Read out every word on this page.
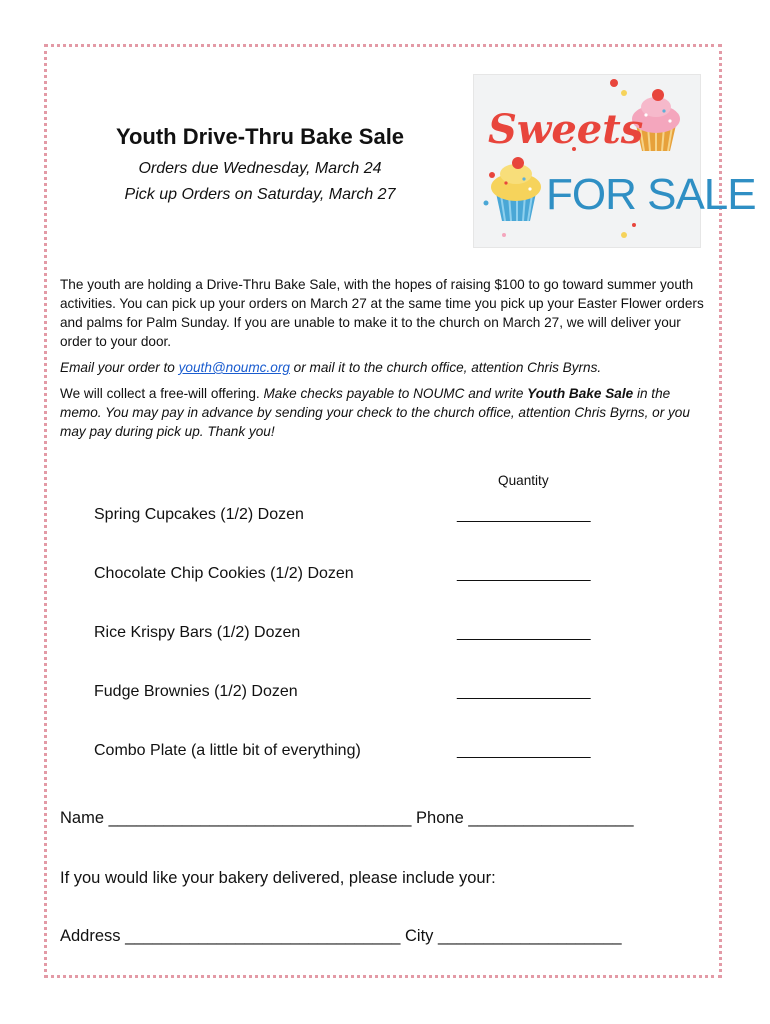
Youth Drive-Thru Bake Sale
Orders due Wednesday, March 24
Pick up Orders on Saturday, March 27
Sweets
FOR SALE

The youth are holding a Drive-Thru Bake Sale, with the hopes of raising $100 to go toward summer youth activities. You can pick up your orders on March 27 at the same time you pick up your Easter Flower orders and palms for Palm Sunday. If you are unable to make it to the church on March 27, we will deliver your order to your door.

Email your order to youth@noumc.org or mail it to the church office, attention Chris Byrns.

We will collect a free-will offering. Make checks payable to NOUMC and write Youth Bake Sale in the memo. You may pay in advance by sending your check to the church office, attention Chris Byrns, or you may pay during pick up. Thank you!

Quantity
Spring Cupcakes (1/2) Dozen	_______________
Chocolate Chip Cookies (1/2) Dozen	_______________
Rice Krispy Bars (1/2) Dozen	_______________
Fudge Brownies (1/2) Dozen	_______________
Combo Plate (a little bit of everything)	_______________
Name _________________________________ Phone __________________
If you would like your bakery delivered, please include your:
Address ______________________________ City ____________________
